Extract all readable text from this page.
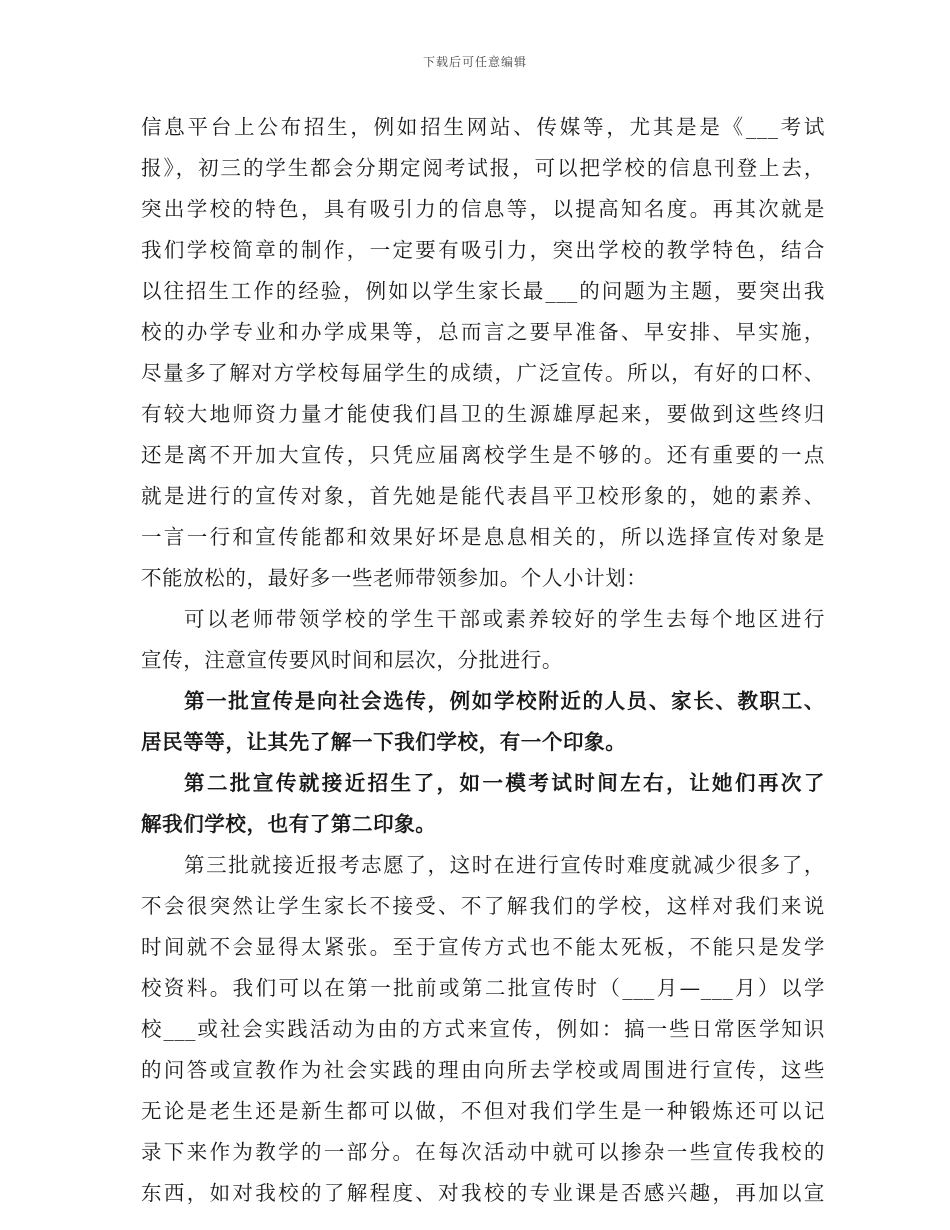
下载后可任意编辑
信息平台上公布招生，例如招生网站、传媒等，尤其是是《___考试
报》，初三的学生都会分期定阅考试报，可以把学校的信息刊登上去，
突出学校的特色，具有吸引力的信息等，以提高知名度。再其次就是
我们学校简章的制作，一定要有吸引力，突出学校的教学特色，结合
以往招生工作的经验，例如以学生家长最___的问题为主题，要突出我
校的办学专业和办学成果等，总而言之要早准备、早安排、早实施，
尽量多了解对方学校每届学生的成绩，广泛宣传。所以，有好的口杯、
有较大地师资力量才能使我们昌卫的生源雄厚起来，要做到这些终归
还是离不开加大宣传，只凭应届离校学生是不够的。还有重要的一点
就是进行的宣传对象，首先她是能代表昌平卫校形象的，她的素养、
一言一行和宣传能都和效果好坏是息息相关的，所以选择宣传对象是
不能放松的，最好多一些老师带领参加。个人小计划：
可以老师带领学校的学生干部或素养较好的学生去每个地区进行
宣传，注意宣传要风时间和层次，分批进行。
第一批宣传是向社会选传，例如学校附近的人员、家长、教职工、
居民等等，让其先了解一下我们学校，有一个印象。
第二批宣传就接近招生了，如一模考试时间左右，让她们再次了
解我们学校，也有了第二印象。
第三批就接近报考志愿了，这时在进行宣传时难度就减少很多了，
不会很突然让学生家长不接受、不了解我们的学校，这样对我们来说
时间就不会显得太紧张。至于宣传方式也不能太死板，不能只是发学
校资料。我们可以在第一批前或第二批宣传时（___月—___月）以学
校___或社会实践活动为由的方式来宣传，例如：搞一些日常医学知识
的问答或宣教作为社会实践的理由向所去学校或周围进行宣传，这些
无论是老生还是新生都可以做，不但对我们学生是一种锻炼还可以记
录下来作为教学的一部分。在每次活动中就可以掺杂一些宣传我校的
东西，如对我校的了解程度、对我校的专业课是否感兴趣，再加以宣
